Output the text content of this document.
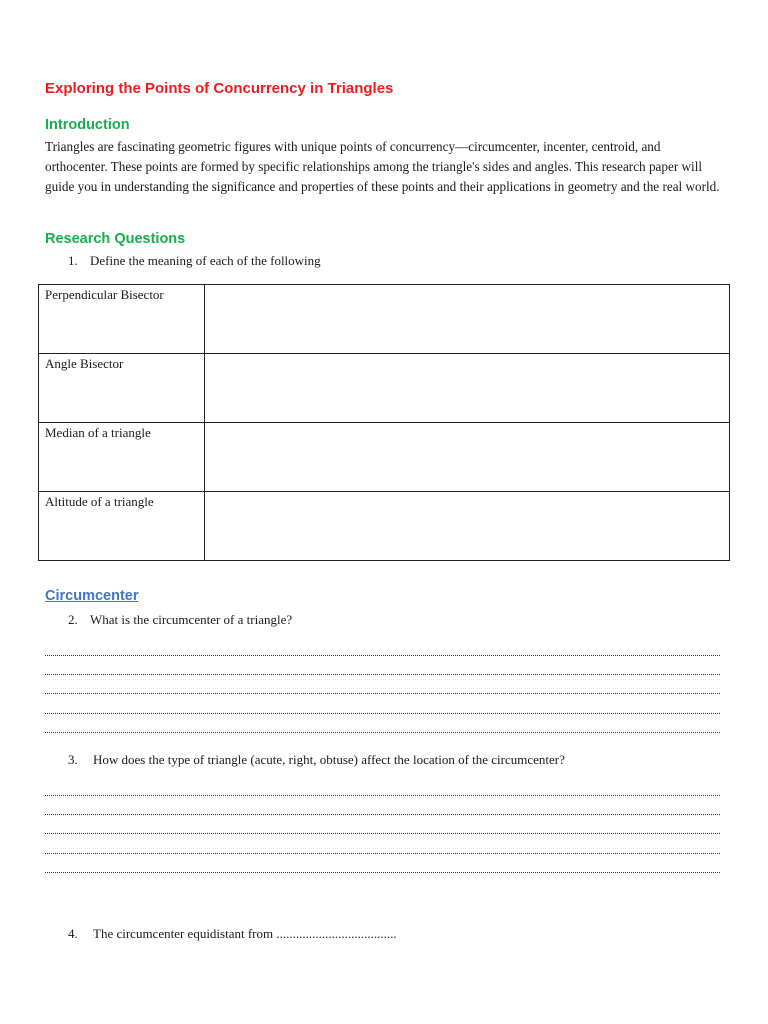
Exploring the Points of Concurrency in Triangles
Introduction

Triangles are fascinating geometric figures with unique points of concurrency—circumcenter, incenter, centroid, and orthocenter. These points are formed by specific relationships among the triangle's sides and angles. This research paper will guide you in understanding the significance and properties of these points and their applications in geometry and the real world.

Research Questions

1. Define the meaning of each of the following

Perpendicular Bisector	
Angle Bisector	
Median of a triangle	
Altitude of a triangle	
Circumcenter

2. What is the circumcenter of a triangle?

3. How does the type of triangle (acute, right, obtuse) affect the location of the circumcenter?

4. The circumcenter equidistant from .....................................
